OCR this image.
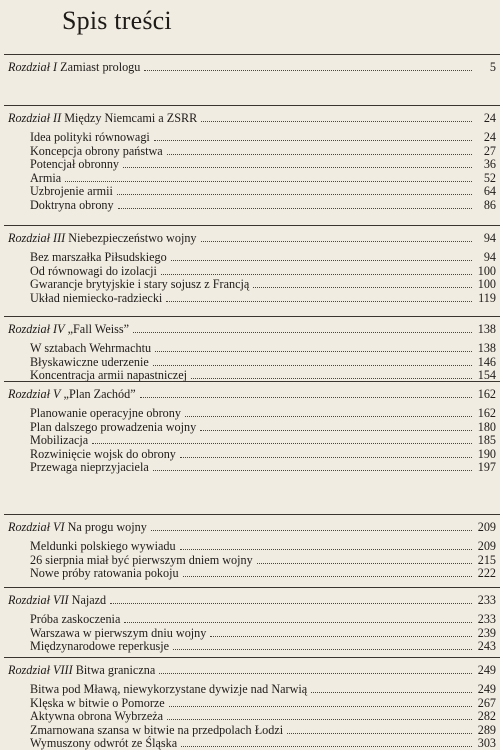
Spis treści
Rozdział I Zamiast prologu	5
Rozdział II Między Niemcami a ZSRR	24
Idea polityki równowagi	24
Koncepcja obrony państwa	27
Potencjał obronny	36
Armia	52
Uzbrojenie armii	64
Doktryna obrony	86
Rozdział III Niebezpieczeństwo wojny	94
Bez marszałka Piłsudskiego	94
Od równowagi do izolacji	100
Gwarancje brytyjskie i stary sojusz z Francją	100
Układ niemiecko-radziecki	119
Rozdział IV „Fall Weiss”	138
W sztabach Wehrmachtu	138
Błyskawiczne uderzenie	146
Koncentracja armii napastniczej	154
Rozdział V „Plan Zachód”	162
Planowanie operacyjne obrony	162
Plan dalszego prowadzenia wojny	180
Mobilizacja	185
Rozwinięcie wojsk do obrony	190
Przewaga nieprzyjaciela	197
Rozdział VI Na progu wojny	209
Meldunki polskiego wywiadu	209
26 sierpnia miał być pierwszym dniem wojny	215
Nowe próby ratowania pokoju	222
Rozdział VII Najazd	233
Próba zaskoczenia	233
Warszawa w pierwszym dniu wojny	239
Międzynarodowe reperkusje	243
Rozdział VIII Bitwa graniczna	249
Bitwa pod Mławą, niewykorzystane dywizje nad Narwią	249
Klęska w bitwie o Pomorze	267
Aktywna obrona Wybrzeża	282
Zmarnowana szansa w bitwie na przedpolach Łodzi	289
Wymuszony odwrót ze Śląska	303
